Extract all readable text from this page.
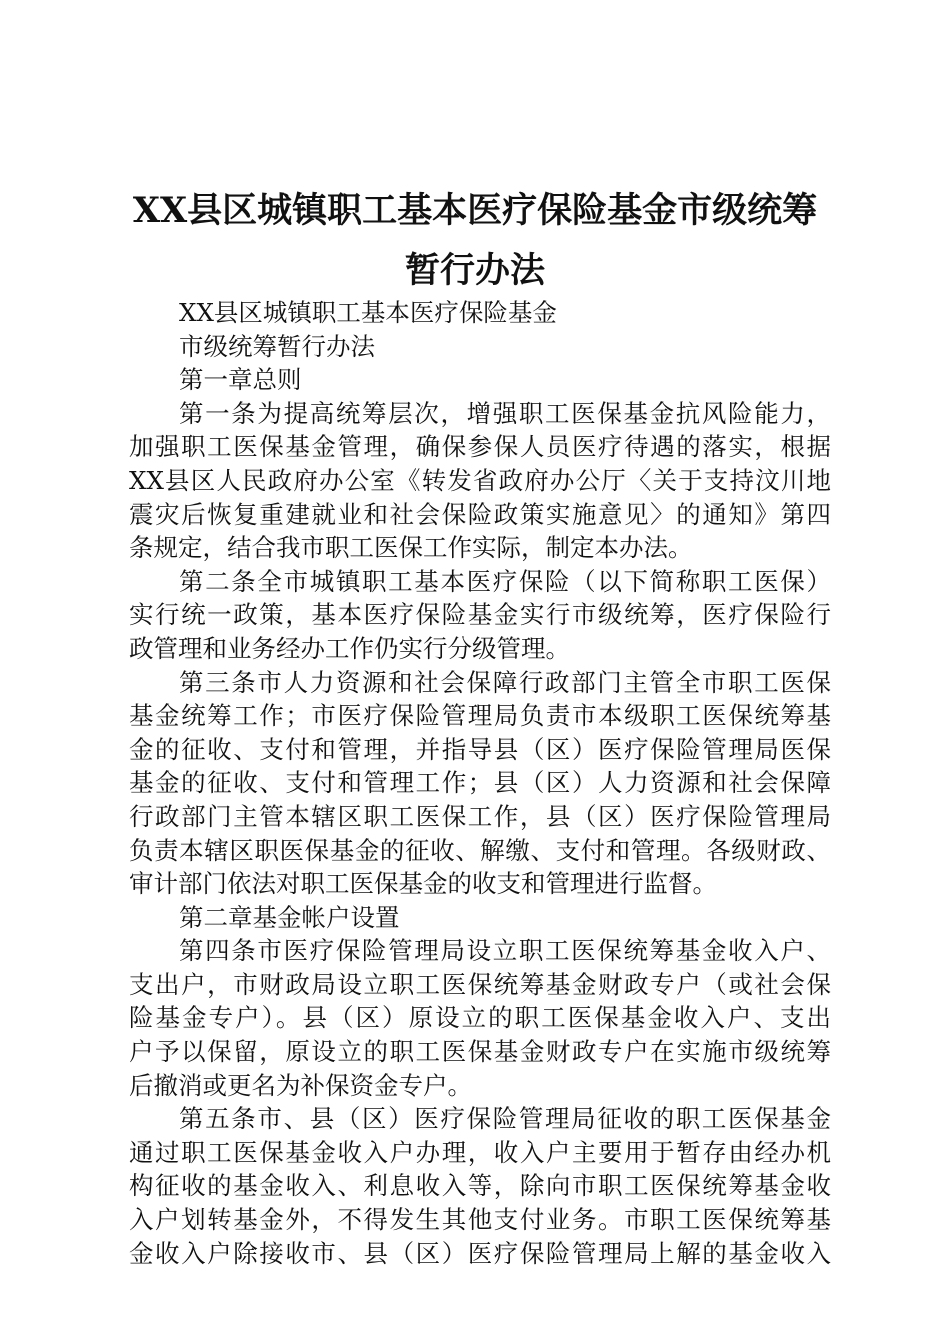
XX县区城镇职工基本医疗保险基金市级统筹
暂行办法
XX县区城镇职工基本医疗保险基金
市级统筹暂行办法
第一章总则
第一条为提高统筹层次，增强职工医保基金抗风险能力，
加强职工医保基金管理，确保参保人员医疗待遇的落实，根据
XX县区人民政府办公室《转发省政府办公厅〈关于支持汶川地
震灾后恢复重建就业和社会保险政策实施意见〉的通知》第四
条规定，结合我市职工医保工作实际，制定本办法。
第二条全市城镇职工基本医疗保险（以下简称职工医保）
实行统一政策，基本医疗保险基金实行市级统筹，医疗保险行
政管理和业务经办工作仍实行分级管理。
第三条市人力资源和社会保障行政部门主管全市职工医保
基金统筹工作；市医疗保险管理局负责市本级职工医保统筹基
金的征收、支付和管理，并指导县（区）医疗保险管理局医保
基金的征收、支付和管理工作；县（区）人力资源和社会保障
行政部门主管本辖区职工医保工作，县（区）医疗保险管理局
负责本辖区职医保基金的征收、解缴、支付和管理。各级财政、
审计部门依法对职工医保基金的收支和管理进行监督。
第二章基金帐户设置
第四条市医疗保险管理局设立职工医保统筹基金收入户、
支出户，市财政局设立职工医保统筹基金财政专户（或社会保
险基金专户）。县（区）原设立的职工医保基金收入户、支出
户予以保留，原设立的职工医保基金财政专户在实施市级统筹
后撤消或更名为补保资金专户。
第五条市、县（区）医疗保险管理局征收的职工医保基金
通过职工医保基金收入户办理，收入户主要用于暂存由经办机
构征收的基金收入、利息收入等，除向市职工医保统筹基金收
入户划转基金外，不得发生其他支付业务。市职工医保统筹基
金收入户除接收市、县（区）医疗保险管理局上解的基金收入
